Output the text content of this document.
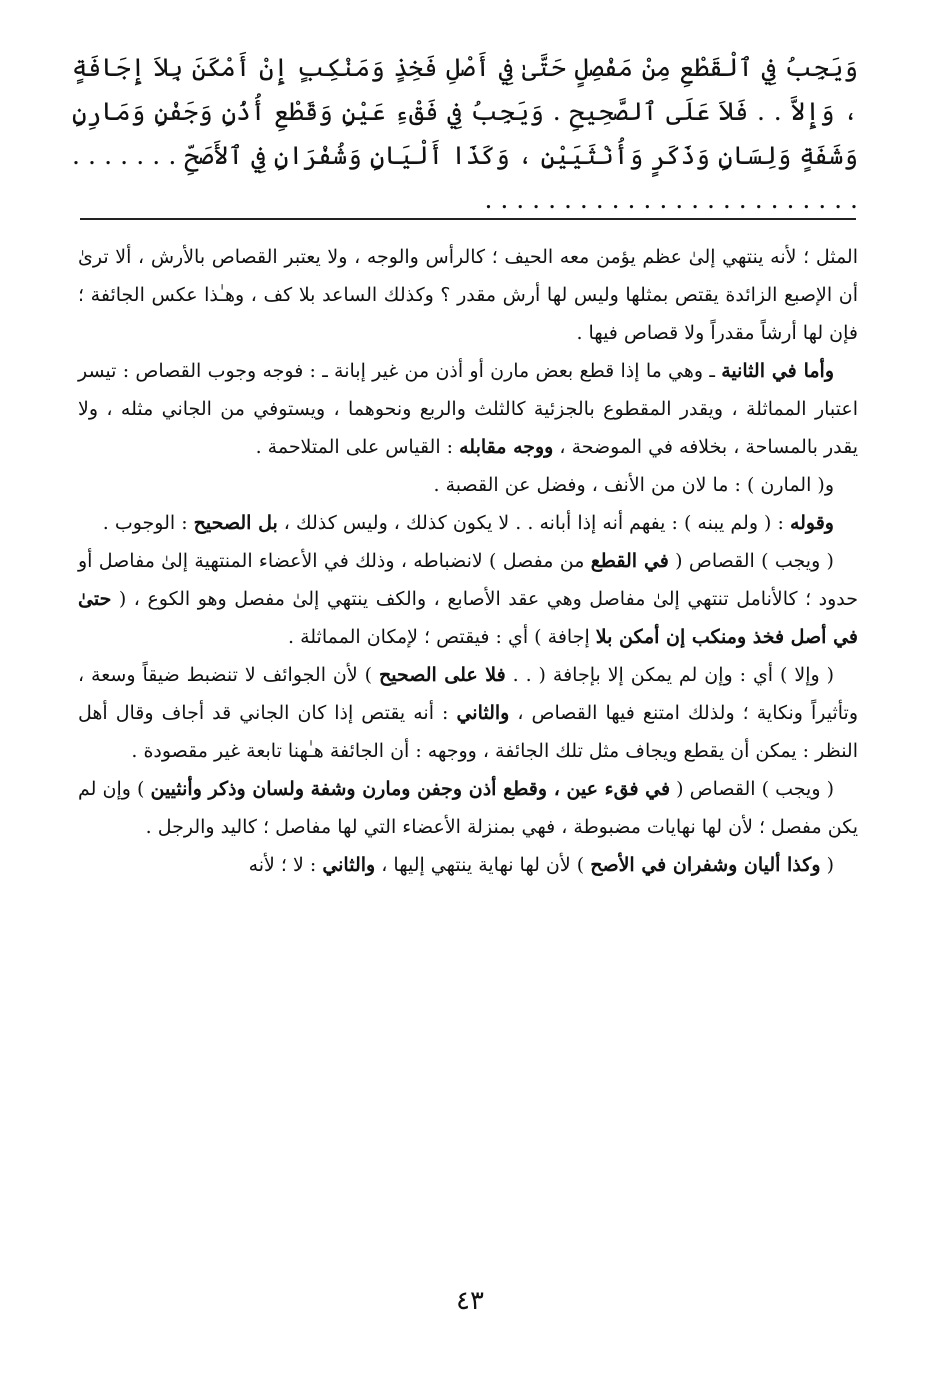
وَيَجِبُ فِي ٱلْقَطْعِ مِنْ مَفْصِلٍ حَتَّىٰ فِي أَصْلِ فَخِذٍ وَمَنْكِبٍ إِنْ أَمْكَنَ بِلاَ إِجَافَةٍ ، وَإِلاَّ . . فَلاَ عَلَى ٱلصَّحِيحِ . وَيَجِبُ فِي فَقْءِ عَيْنٍ وَقَطْعِ أُذُنٍ وَجَفْنٍ وَمَارِنٍ وَشَفَةٍ وَلِسَانٍ وَذَكَرٍ وَأُنْثَيَيْنِ ، وَكَذَا أَلْيَانٍ وَشُفْرَانٍ فِي ٱلأَصَحِّ . . . . . . . . . . . . . . . . . . . . . . . . . . . . . . .

المثل ؛ لأنه ينتهي إلىٰ عظم يؤمن معه الحيف ؛ كالرأس والوجه ، ولا يعتبر القصاص بالأرش ، ألا ترىٰ أن الإصبع الزائدة يقتص بمثلها وليس لها أرش مقدر ؟ وكذلك الساعد بلا كف ، وهـٰذا عكس الجائفة ؛ فإن لها أرشاً مقدراً ولا قصاص فيها .

وأما في الثانية ـ وهي ما إذا قطع بعض مارن أو أذن من غير إبانة ـ : فوجه وجوب القصاص : تيسر اعتبار المماثلة ، ويقدر المقطوع بالجزئية كالثلث والربع ونحوهما ، ويستوفي من الجاني مثله ، ولا يقدر بالمساحة ، بخلافه في الموضحة ، ووجه مقابله : القياس على المتلاحمة .

و( المارن ) : ما لان من الأنف ، وفضل عن القصبة .

وقوله : ( ولم يبنه ) : يفهم أنه إذا أبانه . . لا يكون كذلك ، وليس كذلك ، بل الصحيح : الوجوب .

( ويجب ) القصاص ( في القطع من مفصل ) لانضباطه ، وذلك في الأعضاء المنتهية إلىٰ مفاصل أو حدود ؛ كالأنامل تنتهي إلىٰ مفاصل وهي عقد الأصابع ، والكف ينتهي إلىٰ مفصل وهو الكوع ، ( حتىٰ في أصل فخذ ومنكب إن أمكن بلا إجافة ) أي : فيقتص ؛ لإمكان المماثلة .

( وإلا ) أي : وإن لم يمكن إلا بإجافة ( . . فلا على الصحيح ) لأن الجوائف لا تنضبط ضيقاً وسعة ، وتأثيراً ونكاية ؛ ولذلك امتنع فيها القصاص ، والثاني : أنه يقتص إذا كان الجاني قد أجاف وقال أهل النظر : يمكن أن يقطع ويجاف مثل تلك الجائفة ، ووجهه : أن الجائفة هـٰهنا تابعة غير مقصودة .

( ويجب ) القصاص ( في فقء عين ، وقطع أذن وجفن ومارن وشفة ولسان وذكر وأنثيين ) وإن لم يكن مفصل ؛ لأن لها نهايات مضبوطة ، فهي بمنزلة الأعضاء التي لها مفاصل ؛ كاليد والرجل .

( وكذا أليان وشفران في الأصح ) لأن لها نهاية ينتهي إليها ، والثاني : لا ؛ لأنه

٤٣
